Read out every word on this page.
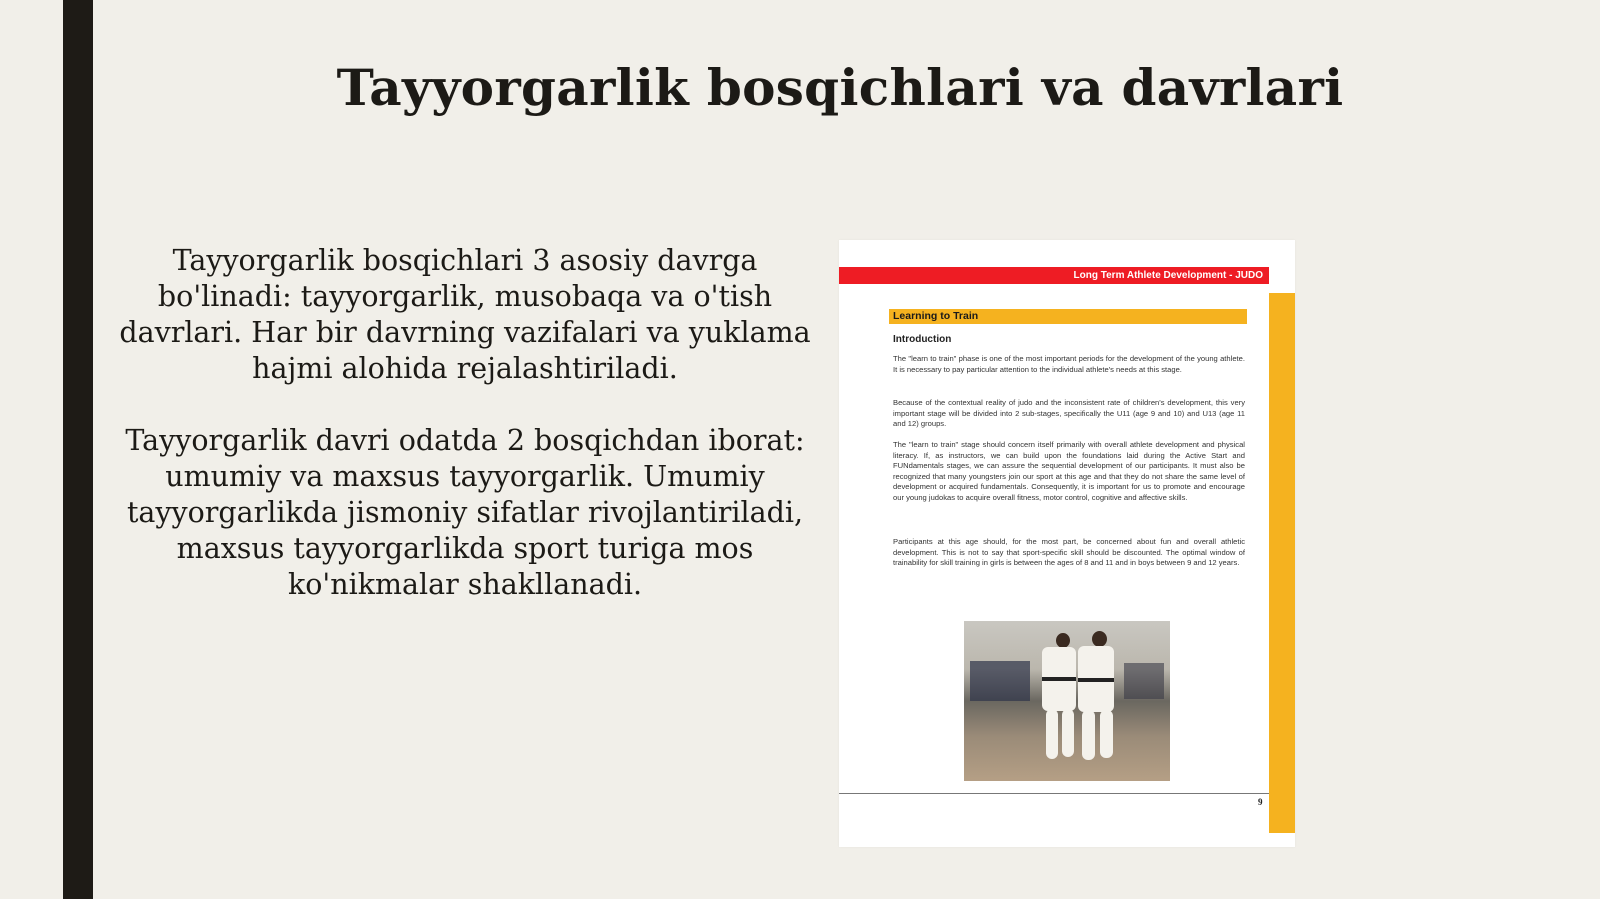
Tayyorgarlik bosqichlari va davrlari

Tayyorgarlik bosqichlari 3 asosiy davrga bo'linadi: tayyorgarlik, musobaqa va o'tish davrlari. Har bir davrning vazifalari va yuklama hajmi alohida rejalashtiriladi.

Tayyorgarlik davri odatda 2 bosqichdan iborat: umumiy va maxsus tayyorgarlik. Umumiy tayyorgarlikda jismoniy sifatlar rivojlantiriladi, maxsus tayyorgarlikda sport turiga mos ko'nikmalar shakllanadi.

Long Term Athlete Development - JUDO
Learning to Train
Introduction
The "learn to train" phase is one of the most important periods for the development of the young athlete. It is necessary to pay particular attention to the individual athlete's needs at this stage.
Because of the contextual reality of judo and the inconsistent rate of children's development, this very important stage will be divided into 2 sub-stages, specifically the U11 (age 9 and 10) and U13 (age 11 and 12) groups.
The "learn to train" stage should concern itself primarily with overall athlete development and physical literacy. If, as instructors, we can build upon the foundations laid during the Active Start and FUNdamentals stages, we can assure the sequential development of our participants. It must also be recognized that many youngsters join our sport at this age and that they do not share the same level of development or acquired fundamentals. Consequently, it is important for us to promote and encourage our young judokas to acquire overall fitness, motor control, cognitive and affective skills.
Participants at this age should, for the most part, be concerned about fun and overall athletic development. This is not to say that sport-specific skill should be discounted. The optimal window of trainability for skill training in girls is between the ages of 8 and 11 and in boys between 9 and 12 years.
9
